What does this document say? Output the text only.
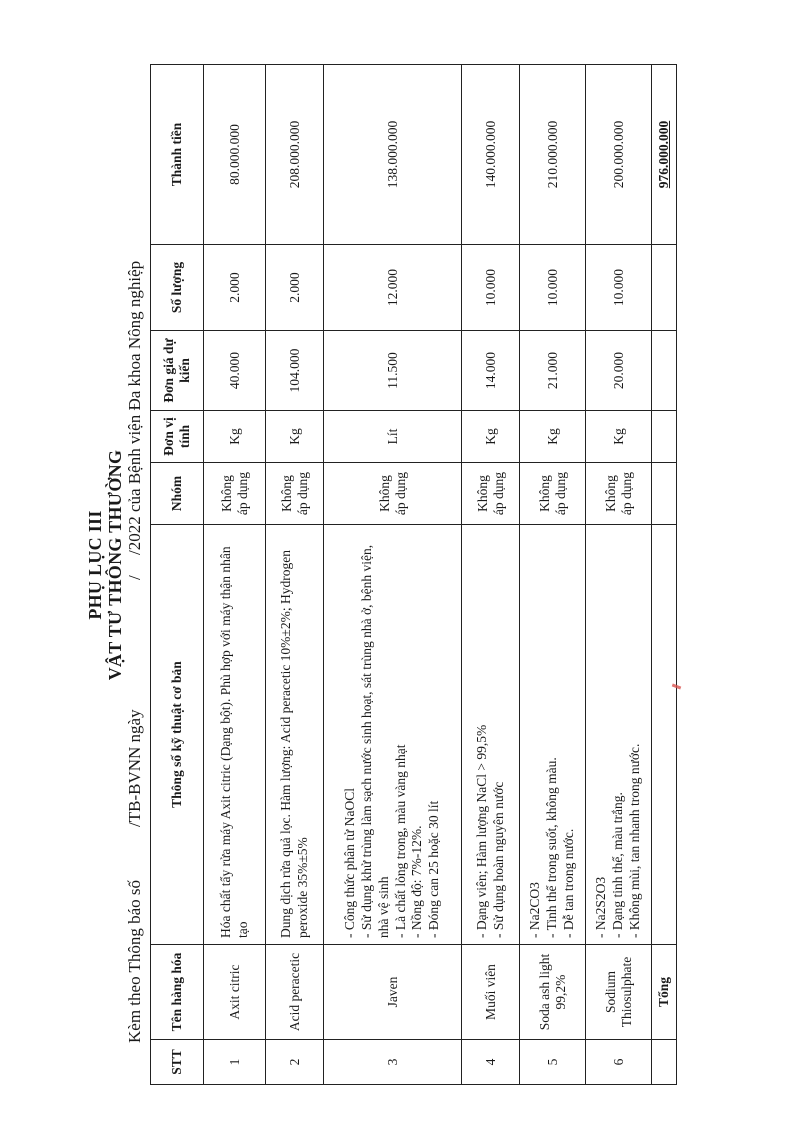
PHỤ LỤC III VẬT TƯ THÔNG THƯỜNG
Kèm theo Thông báo số
/TB-BVNN ngày
/
/2022 của Bệnh viện Đa khoa Nông nghiệp
STT	Tên hàng hóa	Thông số kỹ thuật cơ bản	Nhóm	Đơn vị tính	Đơn giá dự kiến	Số lượng	Thành tiền
1	Axit citric	Hóa chất tẩy rửa máy Axit citric (Dạng bột). Phù hợp với máy thận nhân tạo	Không áp dụng	Kg	40.000	2.000	80.000.000
2	Acid peracetic	Dung dịch rửa quả lọc. Hàm lượng: Acid peracetic 10%±2%; Hydrogen peroxide 35%±5%	Không áp dụng	Kg	104.000	2.000	208.000.000
3	Javen	- Công thức phân tử NaOCl - Sử dụng khử trùng làm sạch nước sinh hoạt, sát trùng nhà ở, bệnh viện, nhà vệ sinh - Là chất lỏng trong, màu vàng nhạt - Nồng độ: 7%-12%. - Đóng can 25 hoặc 30 lít	Không áp dụng	Lít	11.500	12.000	138.000.000
4	Muối viên	- Dạng viên; Hàm lượng NaCl > 99,5% - Sử dụng hoàn nguyên nước	Không áp dụng	Kg	14.000	10.000	140.000.000
5	Soda ash light 99,2%	- Na2CO3 - Tinh thể trong suốt, không màu. - Dễ tan trong nước.	Không áp dụng	Kg	21.000	10.000	210.000.000
6	Sodium Thiosulphate	- Na2S2O3 - Dạng tinh thể, màu trắng. - Không mùi, tan nhanh trong nước.	Không áp dụng	Kg	20.000	10.000	200.000.000
	Tổng						976.000.000
